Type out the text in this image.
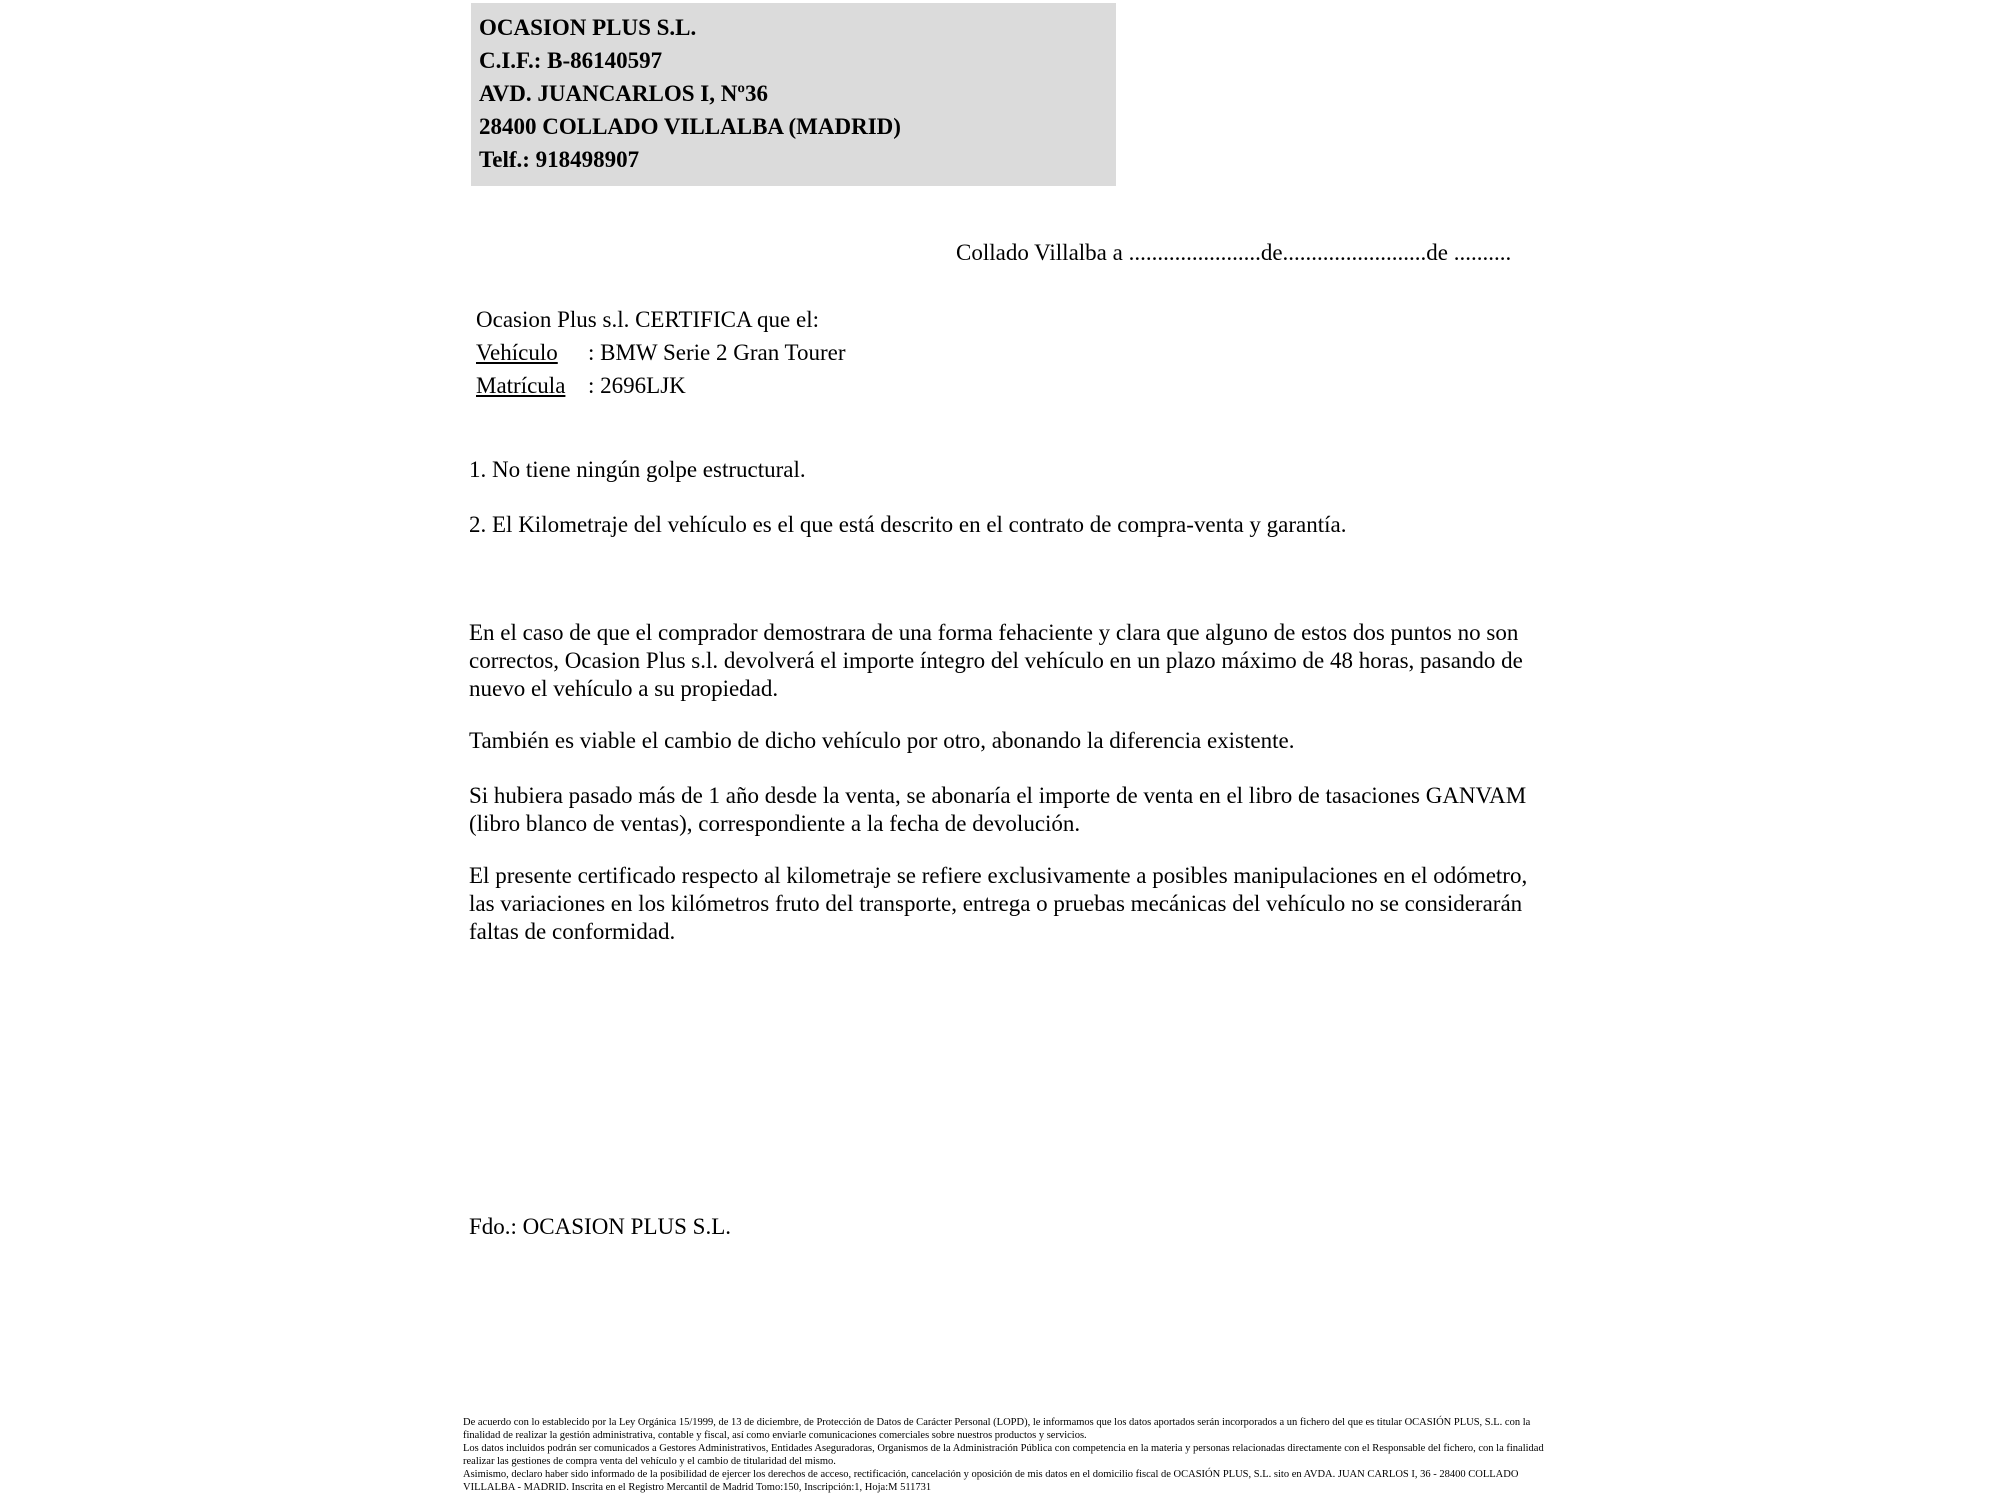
OCASION PLUS S.L.
C.I.F.: B-86140597
AVD. JUANCARLOS I, Nº36
28400 COLLADO VILLALBA (MADRID)
Telf.: 918498907
Collado Villalba a .......................de.........................de ..........
Ocasion Plus s.l. CERTIFICA que el:
Vehículo : BMW Serie 2 Gran Tourer
Matrícula : 2696LJK

1. No tiene ningún golpe estructural.

2. El Kilometraje del vehículo es el que está descrito en el contrato de compra-venta y garantía.

En el caso de que el comprador demostrara de una forma fehaciente y clara que alguno de estos dos puntos no son correctos, Ocasion Plus s.l. devolverá el importe íntegro del vehículo en un plazo máximo de 48 horas, pasando de nuevo el vehículo a su propiedad.

También es viable el cambio de dicho vehículo por otro, abonando la diferencia existente.

Si hubiera pasado más de 1 año desde la venta, se abonaría el importe de venta en el libro de tasaciones GANVAM (libro blanco de ventas), correspondiente a la fecha de devolución.

El presente certificado respecto al kilometraje se refiere exclusivamente a posibles manipulaciones en el odómetro, las variaciones en los kilómetros fruto del transporte, entrega o pruebas mecánicas del vehículo no se considerarán faltas de conformidad.

Fdo.: OCASION PLUS S.L.

De acuerdo con lo establecido por la Ley Orgánica 15/1999, de 13 de diciembre, de Protección de Datos de Carácter Personal (LOPD), le informamos que los datos aportados serán incorporados a un fichero del que es titular OCASIÓN PLUS, S.L. con la finalidad de realizar la gestión administrativa, contable y fiscal, así como enviarle comunicaciones comerciales sobre nuestros productos y servicios.

Los datos incluidos podrán ser comunicados a Gestores Administrativos, Entidades Aseguradoras, Organismos de la Administración Pública con competencia en la materia y personas relacionadas directamente con el Responsable del fichero, con la finalidad realizar las gestiones de compra venta del vehículo y el cambio de titularidad del mismo.

Asimismo, declaro haber sido informado de la posibilidad de ejercer los derechos de acceso, rectificación, cancelación y oposición de mis datos en el domicilio fiscal de OCASIÓN PLUS, S.L. sito en AVDA. JUAN CARLOS I, 36 - 28400 COLLADO VILLALBA - MADRID. Inscrita en el Registro Mercantil de Madrid Tomo:150, Inscripción:1, Hoja:M 511731
